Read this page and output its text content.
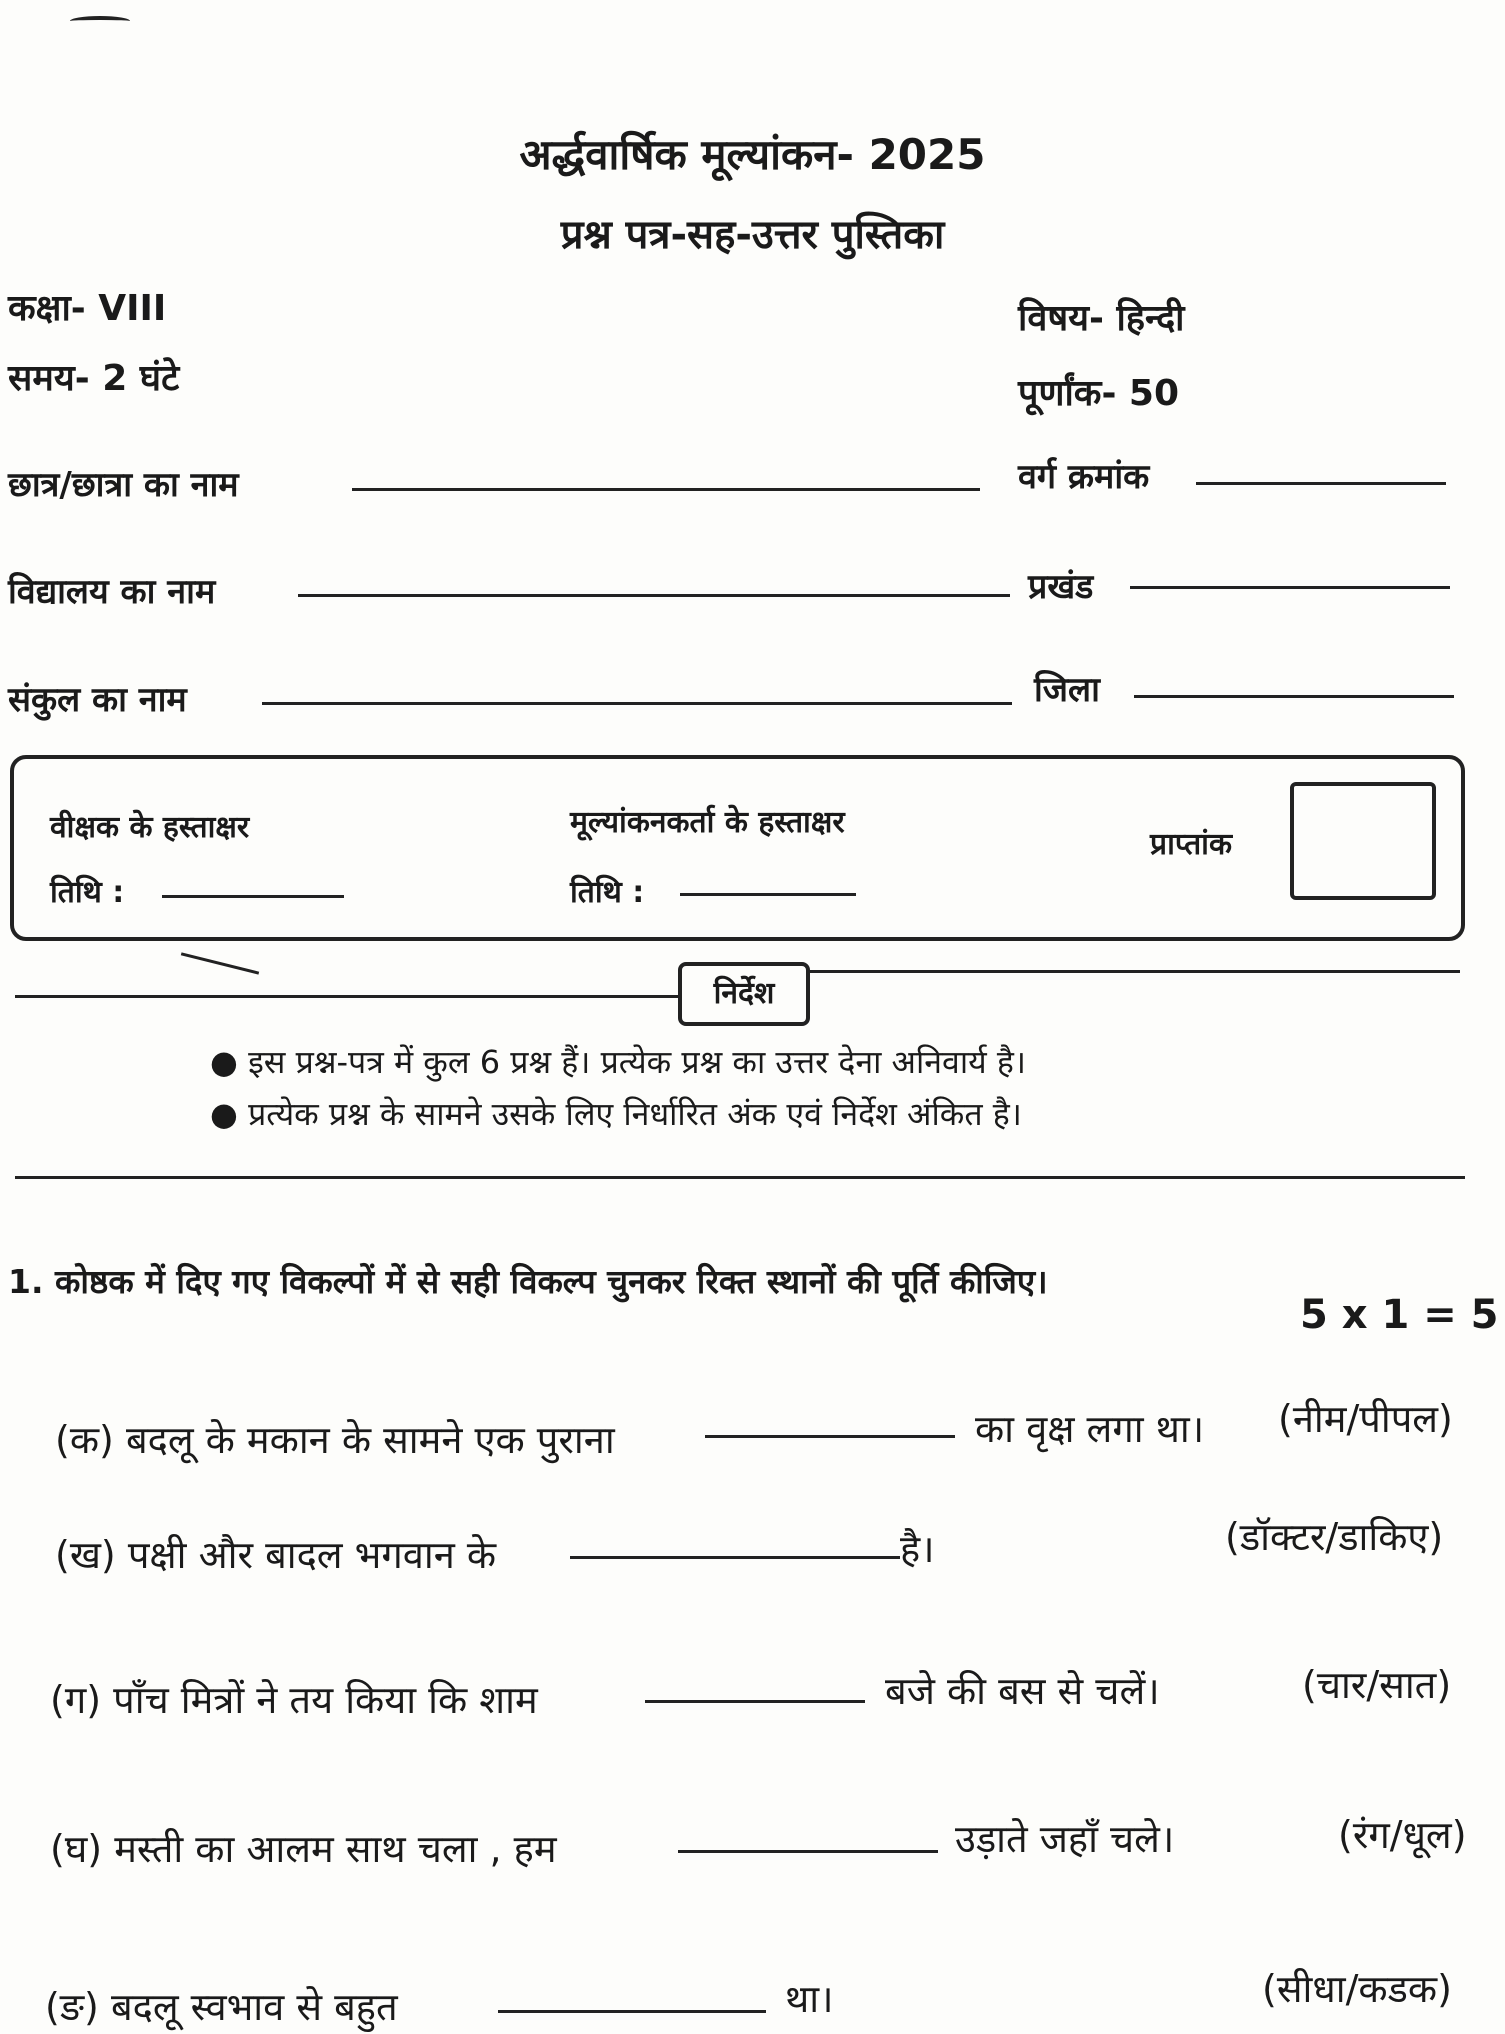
अर्द्धवार्षिक मूल्यांकन- 2025
प्रश्न पत्र-सह-उत्तर पुस्तिका
कक्षा- VIII	विषय- हिन्दी
समय- 2 घंटे	पूर्णांक- 50
छात्र/छात्रा का नाम	वर्ग क्रमांक
विद्यालय का नाम	प्रखंड
संकुल का नाम	जिला
वीक्षक के हस्ताक्षर
तिथि :
मूल्यांकनकर्ता के हस्ताक्षर
तिथि :
प्राप्तांक
निर्देश
● इस प्रश्न-पत्र में कुल 6 प्रश्न हैं। प्रत्येक प्रश्न का उत्तर देना अनिवार्य है।
● प्रत्येक प्रश्न के सामने उसके लिए निर्धारित अंक एवं निर्देश अंकित है।
1. कोष्ठक में दिए गए विकल्पों में से सही विकल्प चुनकर रिक्त स्थानों की पूर्ति कीजिए।
5 x 1 = 5
(क) बदलू के मकान के सामने एक पुराना	का वृक्ष लगा था। (नीम/पीपल)
(ख) पक्षी और बादल भगवान के	है।	(डॉक्टर/डाकिए)
(ग) पाँच मित्रों ने तय किया कि शाम	बजे की बस से चलें।	(चार/सात)
(घ) मस्ती का आलम साथ चला , हम	उड़ाते जहाँ चले।	(रंग/धूल)
(ङ) बदलू स्वभाव से बहुत	था।	(सीधा/कडक)
